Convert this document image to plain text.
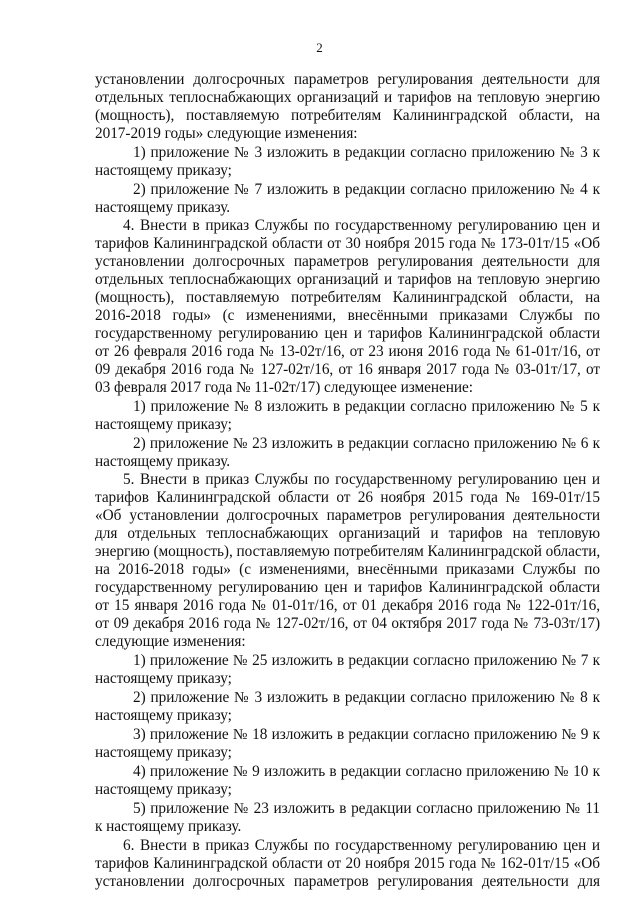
2
установлении долгосрочных параметров регулирования деятельности для
отдельных теплоснабжающих организаций и тарифов на тепловую энергию
(мощность), поставляемую потребителям Калининградской области, на
2017-2019 годы» следующие изменения:
1) приложение № 3 изложить в редакции согласно приложению № 3 к
настоящему приказу;
2) приложение № 7 изложить в редакции согласно приложению № 4 к
настоящему приказу.
4. Внести в приказ Службы по государственному регулированию цен и
тарифов Калининградской области от 30 ноября 2015 года № 173-01т/15 «Об
установлении долгосрочных параметров регулирования деятельности для
отдельных теплоснабжающих организаций и тарифов на тепловую энергию
(мощность), поставляемую потребителям Калининградской области, на
2016-2018 годы» (с изменениями, внесёнными приказами Службы по
государственному регулированию цен и тарифов Калининградской области
от 26 февраля 2016 года № 13-02т/16, от 23 июня 2016 года № 61-01т/16, от
09 декабря 2016 года № 127-02т/16, от 16 января 2017 года № 03-01т/17, от
03 февраля 2017 года № 11-02т/17) следующее изменение:
1) приложение № 8 изложить в редакции согласно приложению № 5 к
настоящему приказу;
2) приложение № 23 изложить в редакции согласно приложению № 6 к
настоящему приказу.
5. Внести в приказ Службы по государственному регулированию цен и
тарифов Калининградской области от 26 ноября 2015 года № 169-01т/15
«Об установлении долгосрочных параметров регулирования деятельности
для отдельных теплоснабжающих организаций и тарифов на тепловую
энергию (мощность), поставляемую потребителям Калининградской области,
на 2016-2018 годы» (с изменениями, внесёнными приказами Службы по
государственному регулированию цен и тарифов Калининградской области
от 15 января 2016 года № 01-01т/16, от 01 декабря 2016 года № 122-01т/16,
от 09 декабря 2016 года № 127-02т/16, от 04 октября 2017 года № 73-03т/17)
следующие изменения:
1) приложение № 25 изложить в редакции согласно приложению № 7 к
настоящему приказу;
2) приложение № 3 изложить в редакции согласно приложению № 8 к
настоящему приказу;
3) приложение № 18 изложить в редакции согласно приложению № 9 к
настоящему приказу;
4) приложение № 9 изложить в редакции согласно приложению № 10 к
настоящему приказу;
5) приложение № 23 изложить в редакции согласно приложению № 11
к настоящему приказу.
6. Внести в приказ Службы по государственному регулированию цен и
тарифов Калининградской области от 20 ноября 2015 года № 162-01т/15 «Об
установлении долгосрочных параметров регулирования деятельности для
